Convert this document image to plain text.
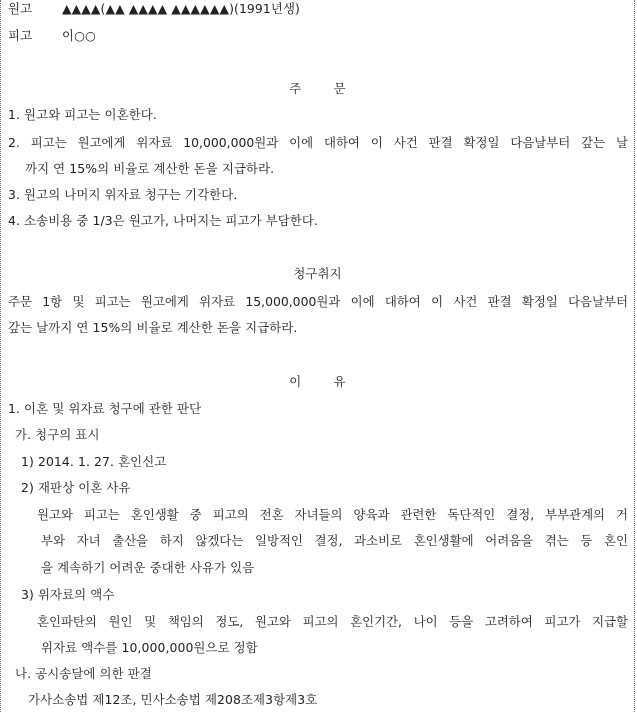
원고 ▲▲▲▲(▲▲ ▲▲▲▲ ▲▲▲▲▲▲)(1991년생)
피고 이○○
주        문
1. 원고와 피고는 이혼한다.
2. 피고는 원고에게 위자료 10,000,000원과 이에 대하여 이 사건 판결 확정일 다음날부터 갚는 날
까지 연 15%의 비율로 계산한 돈을 지급하라.
3. 원고의 나머지 위자료 청구는 기각한다.
4. 소송비용 중 1/3은 원고가, 나머지는 피고가 부담한다.
청구취지
주문 1항 및 피고는 원고에게 위자료 15,000,000원과 이에 대하여 이 사건 판결 확정일 다음날부터
갚는 날까지 연 15%의 비율로 계산한 돈을 지급하라.
이        유
1. 이혼 및 위자료 청구에 관한 판단
가. 청구의 표시
1) 2014. 1. 27. 혼인신고
2) 재판상 이혼 사유
원고와 피고는 혼인생활 중 피고의 전혼 자녀들의 양육과 관련한 독단적인 결정, 부부관계의 거
부와 자녀 출산을 하지 않겠다는 일방적인 결정, 과소비로 혼인생활에 어려움을 겪는 등 혼인
을 계속하기 어려운 중대한 사유가 있음
3) 위자료의 액수
혼인파탄의 원인 및 책임의 정도, 원고와 피고의 혼인기간, 나이 등을 고려하여 피고가 지급할
위자료 액수를 10,000,000원으로 정함
나. 공시송달에 의한 판결
가사소송법 제12조, 민사소송법 제208조제3항제3호
